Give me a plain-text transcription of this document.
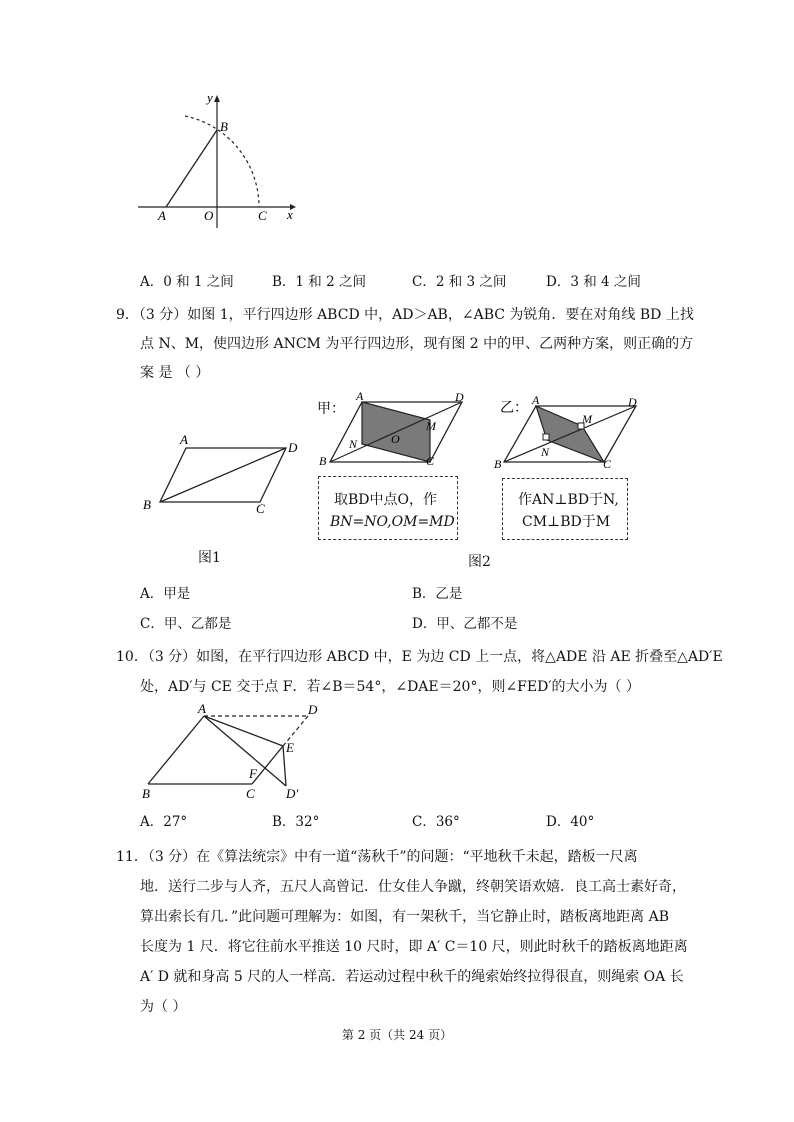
y
x
B
A	O	C
A．0 和 1 之间	B．1 和 2 之间	C．2 和 3 之间	D．3 和 4 之间
9．（3 分）如图 1，平行四边形 ABCD 中，AD＞AB，∠ABC 为锐角．要在对角线 BD 上找
点 N、M，使四边形 ANCM 为平行四边形，现有图 2 中的甲、乙两种方案，则正确的方
案 是 （ ）
A
D
B	C
图1
甲：
A	D
B	C
N	O
M
取BD中点O，作
BN=NO,OM=MD
乙：
A	D
B	C
N
M
作AN⊥BD于N,
CM⊥BD于M
图2
A．甲是	B．乙是
C．甲、乙都是	D．甲、乙都不是
10．（3 分）如图，在平行四边形 ABCD 中，E 为边 CD 上一点，将△ADE 沿 AE 折叠至△AD′E
处，AD′与 CE 交于点 F．若∠B＝54°，∠DAE＝20°，则∠FED′的大小为（ ）
A	D
E
F
B	C D′
A．27°	B．32°	C．36°	D．40°
11．（3 分）在《算法统宗》中有一道“荡秋千”的问题：“平地秋千未起，踏板一尺离
地．送行二步与人齐，五尺人高曾记．仕女佳人争蹴，终朝笑语欢嬉．良工高士素好奇，
算出索长有几．”此问题可理解为：如图，有一架秋千，当它静止时，踏板离地距离 AB
长度为 1 尺．将它往前水平推送 10 尺时，即 A′ C＝10 尺，则此时秋千的踏板离地距离
A′ D 就和身高 5 尺的人一样高．若运动过程中秋千的绳索始终拉得很直，则绳索 OA 长
为（ ）
第 2 页（共 24 页）
